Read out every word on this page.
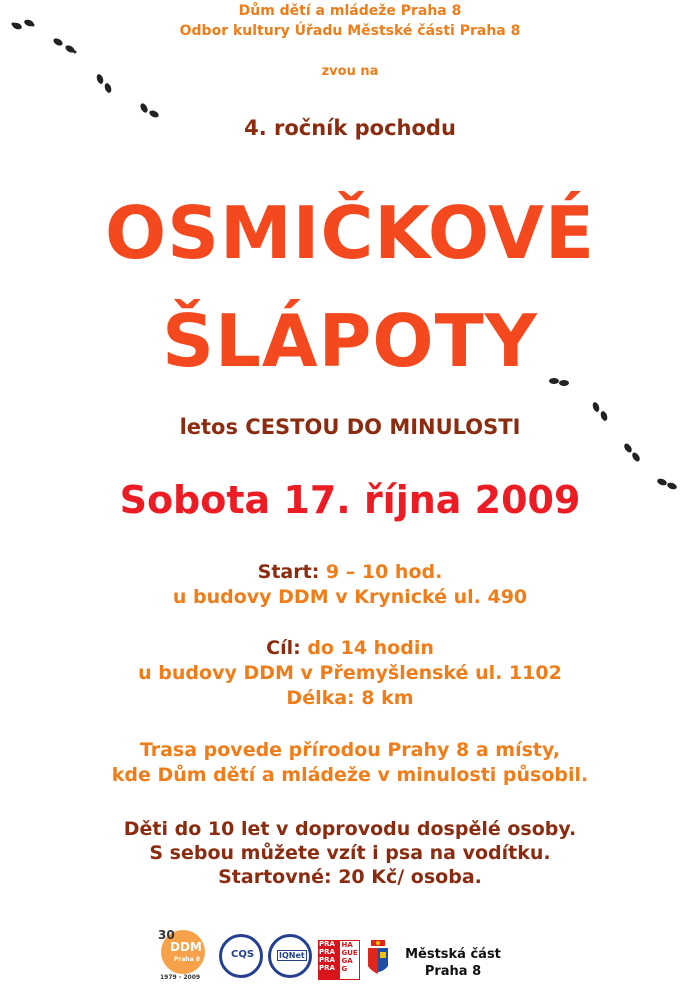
Dům dětí a mládeže Praha 8
Odbor kultury Úřadu Městské části Praha 8
zvou na
4. ročník pochodu
OSMIČKOVÉ
ŠLÁPOTY
letos CESTOU DO MINULOSTI
Sobota 17. října 2009
Start: 9 – 10 hod.
u budovy DDM v Krynické ul. 490
Cíl: do 14 hodin
u budovy DDM v Přemyšlenské ul. 1102
Délka: 8 km
Trasa povede přírodou Prahy 8 a místy,
kde Dům dětí a mládeže v minulosti působil.
Děti do 10 let v doprovodu dospělé osoby.
S sebou můžete vzít i psa na vodítku.
Startovné: 20 Kč/ osoba.
30
DDM
Praha 8
1979 - 2009
CQS	IQNet
PRA
PRA
PRA
PRA
HA
GUE
GA
G
Městská část
Praha 8
